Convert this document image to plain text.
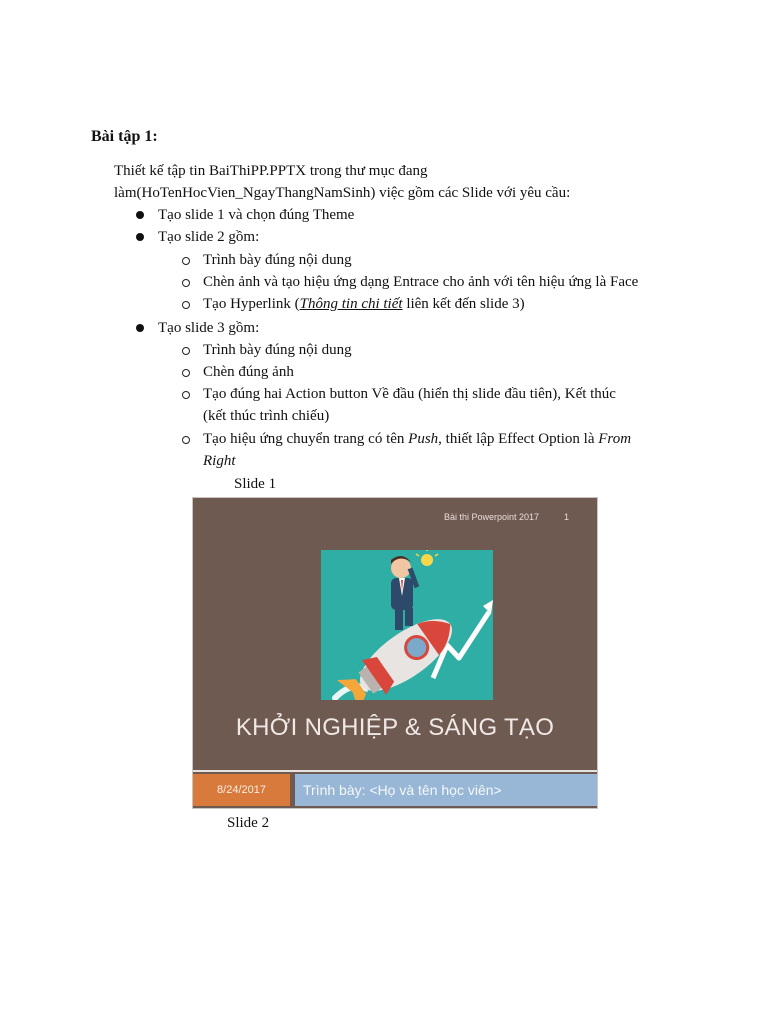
Bài tập 1:
Thiết kế tập tin BaiThiPP.PPTX trong thư mục đang
làm(HoTenHocVien_NgayThangNamSinh) việc gồm các Slide với yêu cầu:
Tạo slide 1 và chọn đúng Theme
Tạo slide 2 gồm:
Trình bày đúng nội dung
Chèn ảnh và tạo hiệu ứng dạng Entrace cho ảnh với tên hiệu ứng là Face
Tạo Hyperlink (Thông tin chi tiết liên kết đến slide 3)
Tạo slide 3 gồm:
Trình bày đúng nội dung
Chèn đúng ảnh
Tạo đúng hai Action button Về đầu (hiển thị slide đầu tiên), Kết thúc
(kết thúc trình chiếu)
Tạo hiệu ứng chuyển trang có tên Push, thiết lập Effect Option là From
Right
Slide 1
Bài thi Powerpoint 2017	1
KHỞI NGHIỆP & SÁNG TẠO
8/24/2017	Trình bày: <Họ và tên học viên>
Slide 2
